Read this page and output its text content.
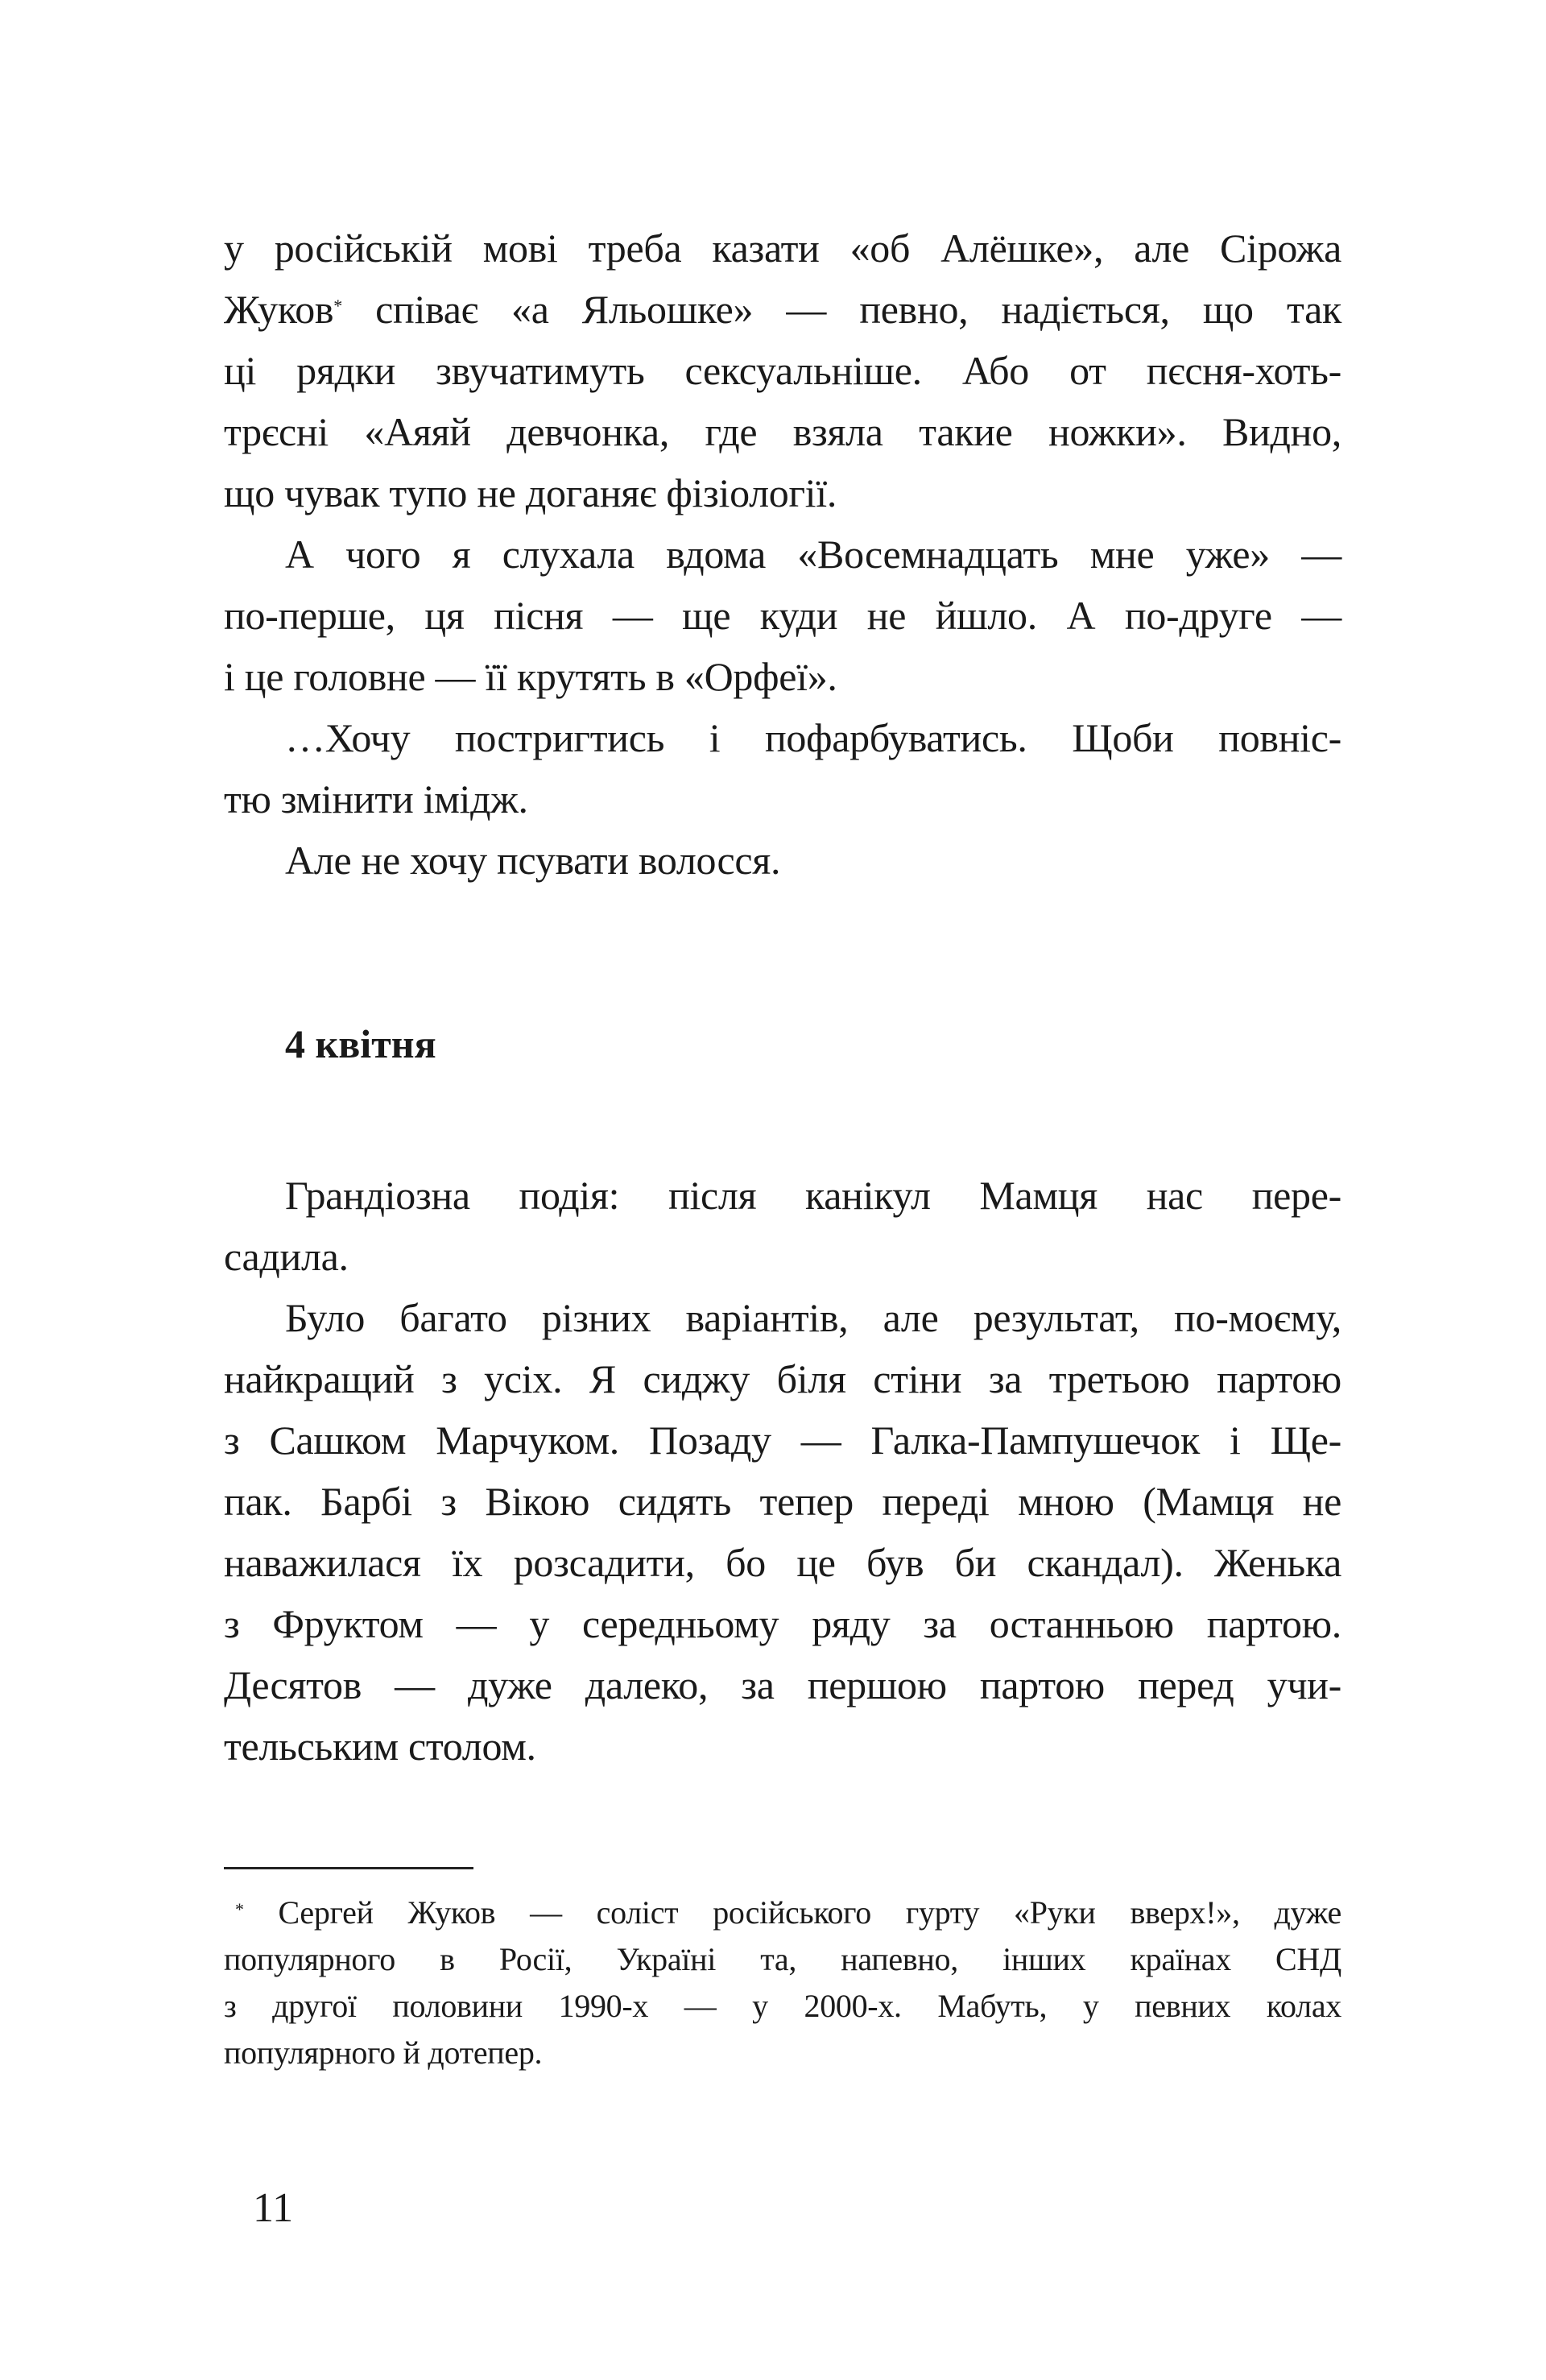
у російській мові треба казати «об Алёшке», але Сірожа
Жуков* співає «а Яльошке» — певно, надіється, що так
ці рядки звучатимуть сексуальніше. Або от пєсня-хоть-
трєсні «Аяяй девчонка, где взяла такие ножки». Видно,
що чувак тупо не доганяє фізіології.
А чого я слухала вдома «Восемнадцать мне уже» —
по-перше, ця пісня — ще куди не йшло. А по-друге —
і це головне — її крутять в «Орфеї».
…Хочу постригтись і пофарбуватись. Щоби повніс-
тю змінити імідж.
Але не хочу псувати волосся.
4 квітня
Грандіозна подія: після канікул Мамця нас пере-
садила.
Було багато різних варіантів, але результат, по-моєму,
найкращий з усіх. Я сиджу біля стіни за третьою партою
з Сашком Марчуком. Позаду — Галка-Пампушечок і Ще-
пак. Барбі з Вікою сидять тепер переді мною (Мамця не
наважилася їх розсадити, бо це був би скандал). Женька
з Фруктом — у середньому ряду за останньою партою.
Десятов — дуже далеко, за першою партою перед учи-
тельським столом.
* Сергей Жуков — соліст російського гурту «Руки вверх!», дуже
популярного в Росії, Україні та, напевно, інших країнах СНД
з другої половини 1990-х — у 2000-х. Мабуть, у певних колах
популярного й дотепер.
11
